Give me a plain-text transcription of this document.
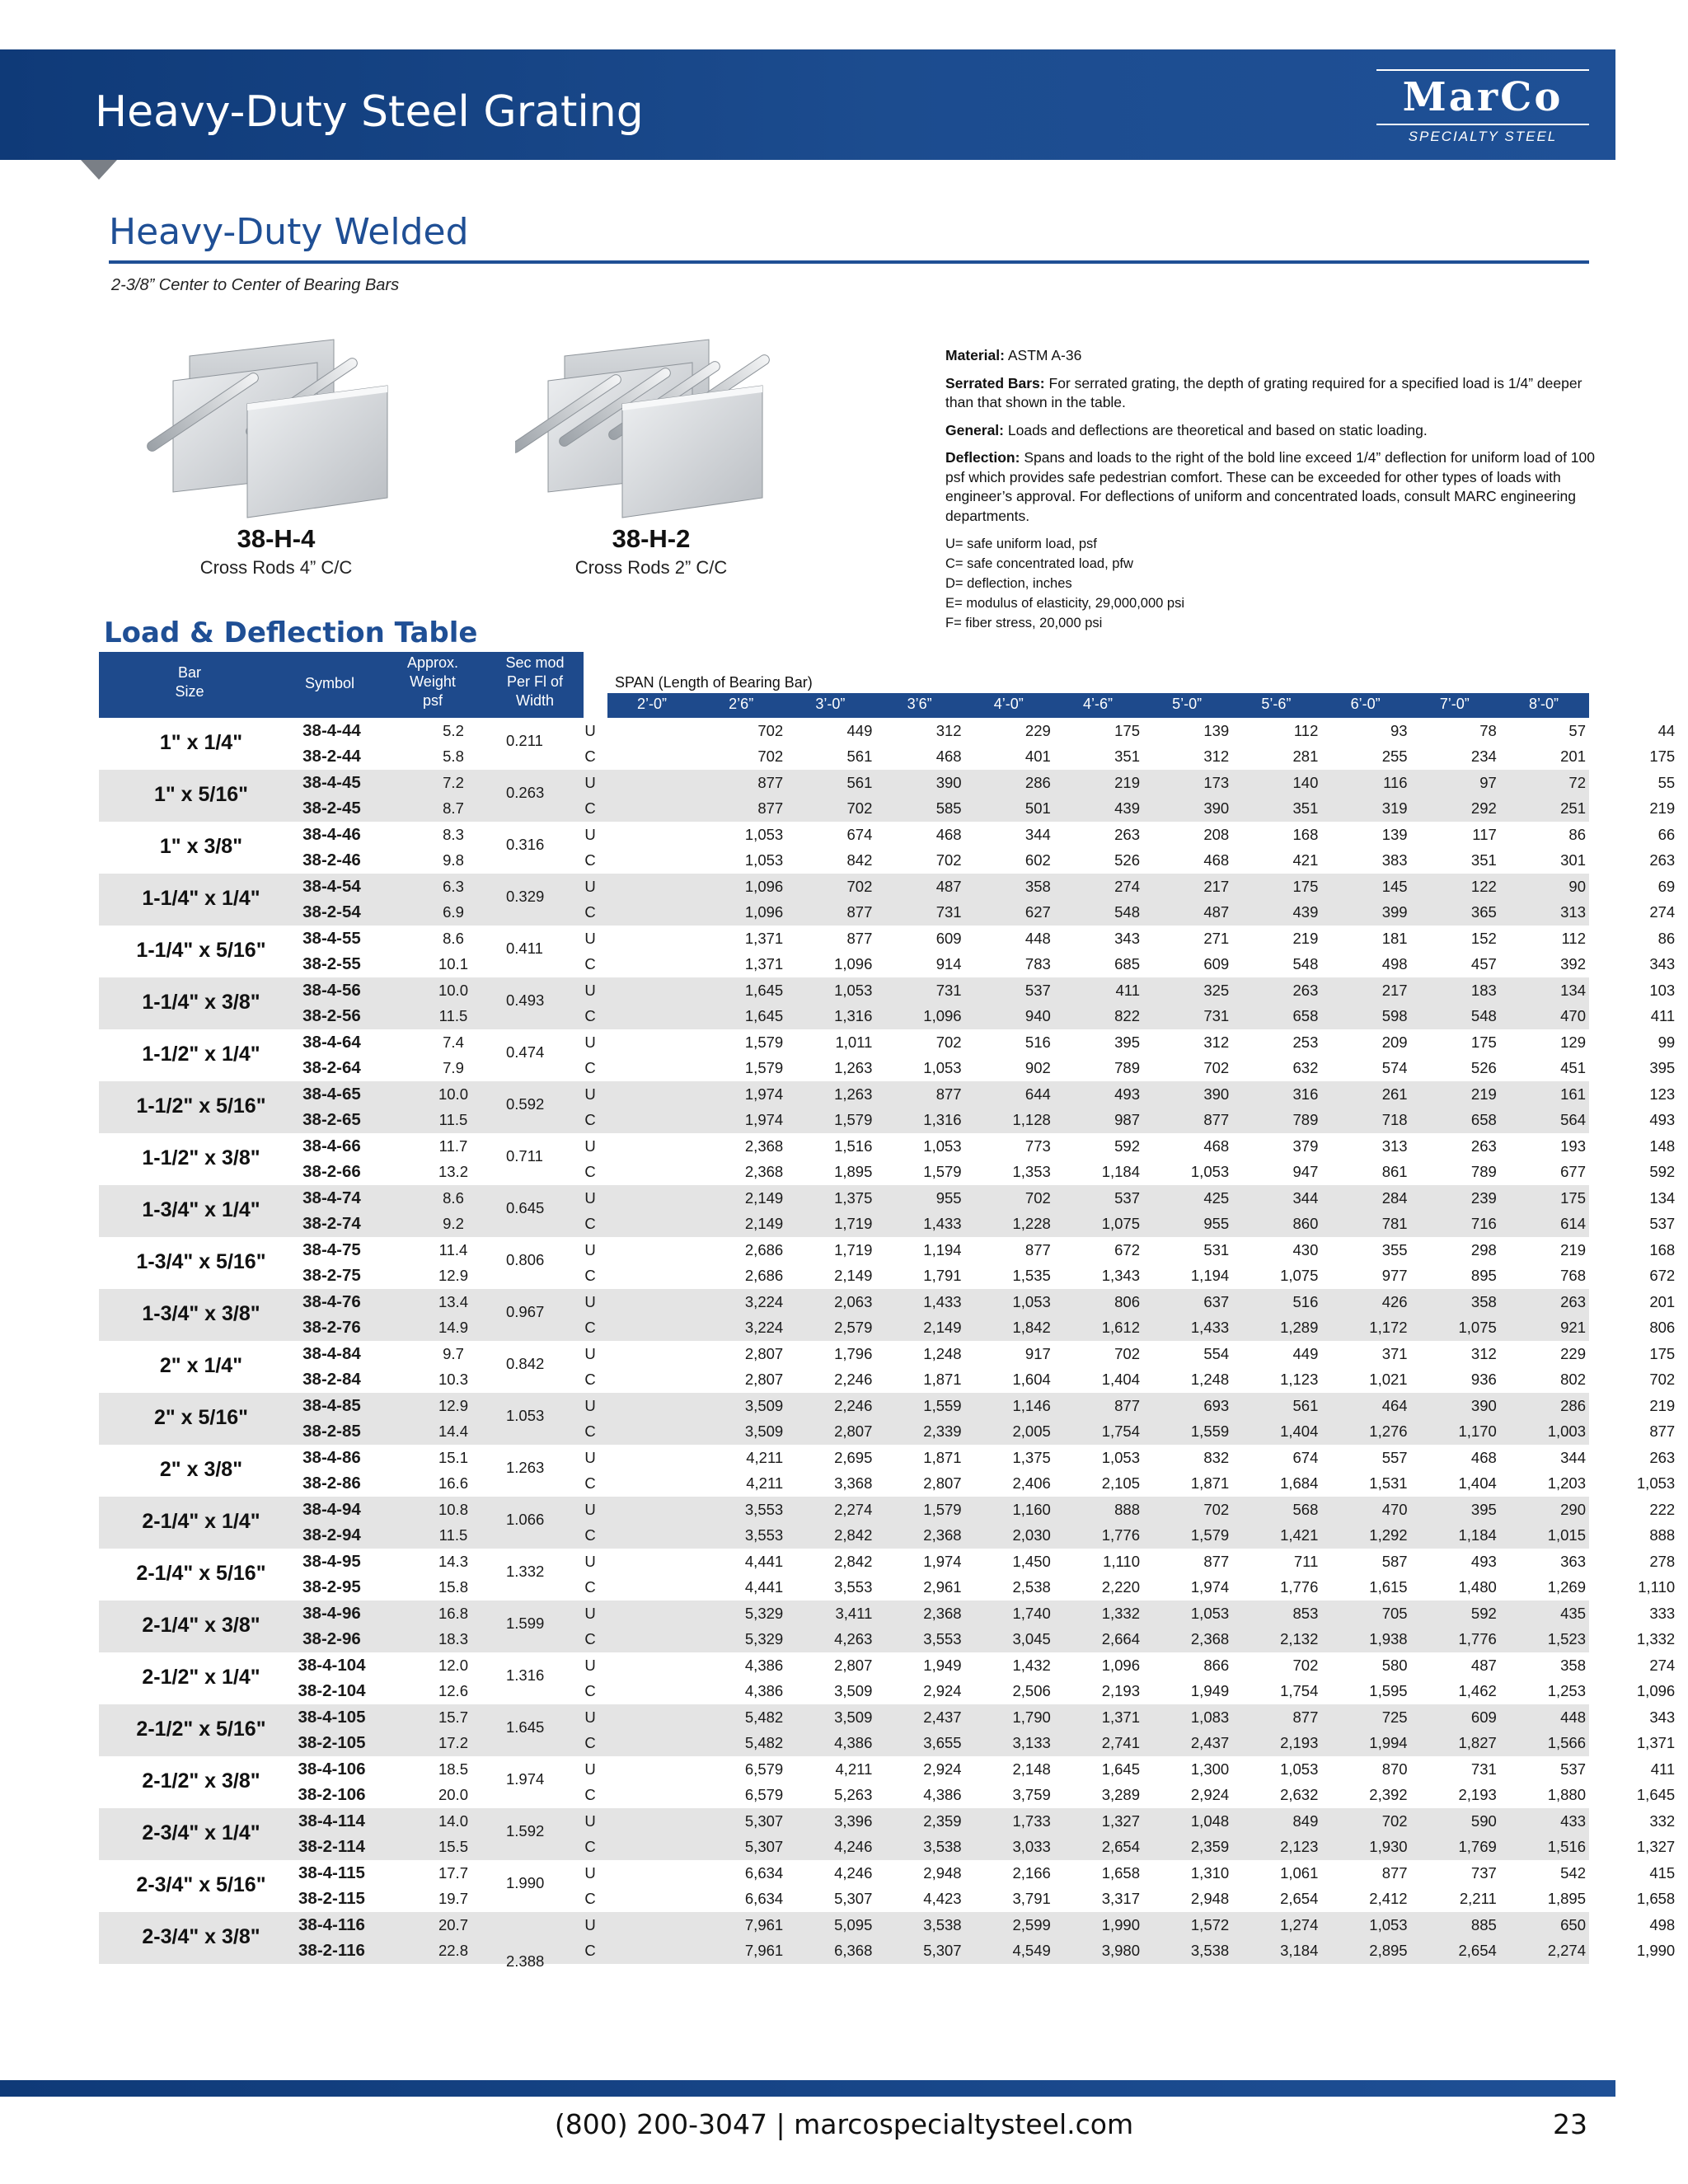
Heavy-Duty Steel Grating	MarCo
SPECIALTY STEEL
Heavy-Duty Welded
2-3/8” Center to Center of Bearing Bars
38-H-4
Cross Rods 4” C/C
38-H-2
Cross Rods 2” C/C

Material: ASTM A-36

Serrated Bars: For serrated grating, the depth of grating required for a specified load is 1/4” deeper than that shown in the table.

General: Loads and deflections are theoretical and based on static loading.

Deflection: Spans and loads to the right of the bold line exceed 1/4” deflection for uniform load of 100 psf which provides safe pedestrian comfort. These can be exceeded for other types of loads with engineer’s approval. For deflections of uniform and concentrated loads, consult MARC engineering departments.

U= safe uniform load, psf
C= safe concentrated load, pfw
D= deflection, inches
E= modulus of elasticity, 29,000,000 psi
F= fiber stress, 20,000 psi
Load & Deflection Table
Bar
Size	Symbol
Approx.
Weight
psf
Sec mod
Per Fl of
Width
SPAN (Length of Bearing Bar)
2’-0”	2’6”	3’-0”	3’6”	4’-0”	4’-6”	5’-0”	5’-6”	6’-0”	7’-0”	8’-0”
1" x 1/4"	0.211
38-4-44	5.2	U	702	449	312	229	175	139	112	93	78	57	44
38-2-44	5.8	C	702	561	468	401	351	312	281	255	234	201	175
1" x 5/16"	0.263
38-4-45	7.2	U	877	561	390	286	219	173	140	116	97	72	55
38-2-45	8.7	C	877	702	585	501	439	390	351	319	292	251	219
1" x 3/8"	0.316
38-4-46	8.3	U	1,053	674	468	344	263	208	168	139	117	86	66
38-2-46	9.8	C	1,053	842	702	602	526	468	421	383	351	301	263
1-1/4" x 1/4"	0.329
38-4-54	6.3	U	1,096	702	487	358	274	217	175	145	122	90	69
38-2-54	6.9	C	1,096	877	731	627	548	487	439	399	365	313	274
1-1/4" x 5/16"	0.411
38-4-55	8.6	U	1,371	877	609	448	343	271	219	181	152	112	86
38-2-55	10.1	C	1,371	1,096	914	783	685	609	548	498	457	392	343
1-1/4" x 3/8"	0.493
38-4-56	10.0	U	1,645	1,053	731	537	411	325	263	217	183	134	103
38-2-56	11.5	C	1,645	1,316	1,096	940	822	731	658	598	548	470	411
1-1/2" x 1/4"	0.474
38-4-64	7.4	U	1,579	1,011	702	516	395	312	253	209	175	129	99
38-2-64	7.9	C	1,579	1,263	1,053	902	789	702	632	574	526	451	395
1-1/2" x 5/16"	0.592
38-4-65	10.0	U	1,974	1,263	877	644	493	390	316	261	219	161	123
38-2-65	11.5	C	1,974	1,579	1,316	1,128	987	877	789	718	658	564	493
1-1/2" x 3/8"	0.711
38-4-66	11.7	U	2,368	1,516	1,053	773	592	468	379	313	263	193	148
38-2-66	13.2	C	2,368	1,895	1,579	1,353	1,184	1,053	947	861	789	677	592
1-3/4" x 1/4"	0.645
38-4-74	8.6	U	2,149	1,375	955	702	537	425	344	284	239	175	134
38-2-74	9.2	C	2,149	1,719	1,433	1,228	1,075	955	860	781	716	614	537
1-3/4" x 5/16"	0.806
38-4-75	11.4	U	2,686	1,719	1,194	877	672	531	430	355	298	219	168
38-2-75	12.9	C	2,686	2,149	1,791	1,535	1,343	1,194	1,075	977	895	768	672
1-3/4" x 3/8"	0.967
38-4-76	13.4	U	3,224	2,063	1,433	1,053	806	637	516	426	358	263	201
38-2-76	14.9	C	3,224	2,579	2,149	1,842	1,612	1,433	1,289	1,172	1,075	921	806
2" x 1/4"	0.842
38-4-84	9.7	U	2,807	1,796	1,248	917	702	554	449	371	312	229	175
38-2-84	10.3	C	2,807	2,246	1,871	1,604	1,404	1,248	1,123	1,021	936	802	702
2" x 5/16"	1.053
38-4-85	12.9	U	3,509	2,246	1,559	1,146	877	693	561	464	390	286	219
38-2-85	14.4	C	3,509	2,807	2,339	2,005	1,754	1,559	1,404	1,276	1,170	1,003	877
2" x 3/8"	1.263
38-4-86	15.1	U	4,211	2,695	1,871	1,375	1,053	832	674	557	468	344	263
38-2-86	16.6	C	4,211	3,368	2,807	2,406	2,105	1,871	1,684	1,531	1,404	1,203	1,053
2-1/4" x 1/4"	1.066
38-4-94	10.8	U	3,553	2,274	1,579	1,160	888	702	568	470	395	290	222
38-2-94	11.5	C	3,553	2,842	2,368	2,030	1,776	1,579	1,421	1,292	1,184	1,015	888
2-1/4" x 5/16"	1.332
38-4-95	14.3	U	4,441	2,842	1,974	1,450	1,110	877	711	587	493	363	278
38-2-95	15.8	C	4,441	3,553	2,961	2,538	2,220	1,974	1,776	1,615	1,480	1,269	1,110
2-1/4" x 3/8"	1.599
38-4-96	16.8	U	5,329	3,411	2,368	1,740	1,332	1,053	853	705	592	435	333
38-2-96	18.3	C	5,329	4,263	3,553	3,045	2,664	2,368	2,132	1,938	1,776	1,523	1,332
2-1/2" x 1/4"	1.316
38-4-104	12.0	U	4,386	2,807	1,949	1,432	1,096	866	702	580	487	358	274
38-2-104	12.6	C	4,386	3,509	2,924	2,506	2,193	1,949	1,754	1,595	1,462	1,253	1,096
2-1/2" x 5/16"	1.645
38-4-105	15.7	U	5,482	3,509	2,437	1,790	1,371	1,083	877	725	609	448	343
38-2-105	17.2	C	5,482	4,386	3,655	3,133	2,741	2,437	2,193	1,994	1,827	1,566	1,371
2-1/2" x 3/8"	1.974
38-4-106	18.5	U	6,579	4,211	2,924	2,148	1,645	1,300	1,053	870	731	537	411
38-2-106	20.0	C	6,579	5,263	4,386	3,759	3,289	2,924	2,632	2,392	2,193	1,880	1,645
2-3/4" x 1/4"	1.592
38-4-114	14.0	U	5,307	3,396	2,359	1,733	1,327	1,048	849	702	590	433	332
38-2-114	15.5	C	5,307	4,246	3,538	3,033	2,654	2,359	2,123	1,930	1,769	1,516	1,327
2-3/4" x 5/16"	1.990
38-4-115	17.7	U	6,634	4,246	2,948	2,166	1,658	1,310	1,061	877	737	542	415
38-2-115	19.7	C	6,634	5,307	4,423	3,791	3,317	2,948	2,654	2,412	2,211	1,895	1,658
2-3/4" x 3/8"
2.388
38-4-116	20.7	U	7,961	5,095	3,538	2,599	1,990	1,572	1,274	1,053	885	650	498
38-2-116	22.8	C	7,961	6,368	5,307	4,549	3,980	3,538	3,184	2,895	2,654	2,274	1,990
(800) 200-3047 | marcospecialtysteel.com	23
